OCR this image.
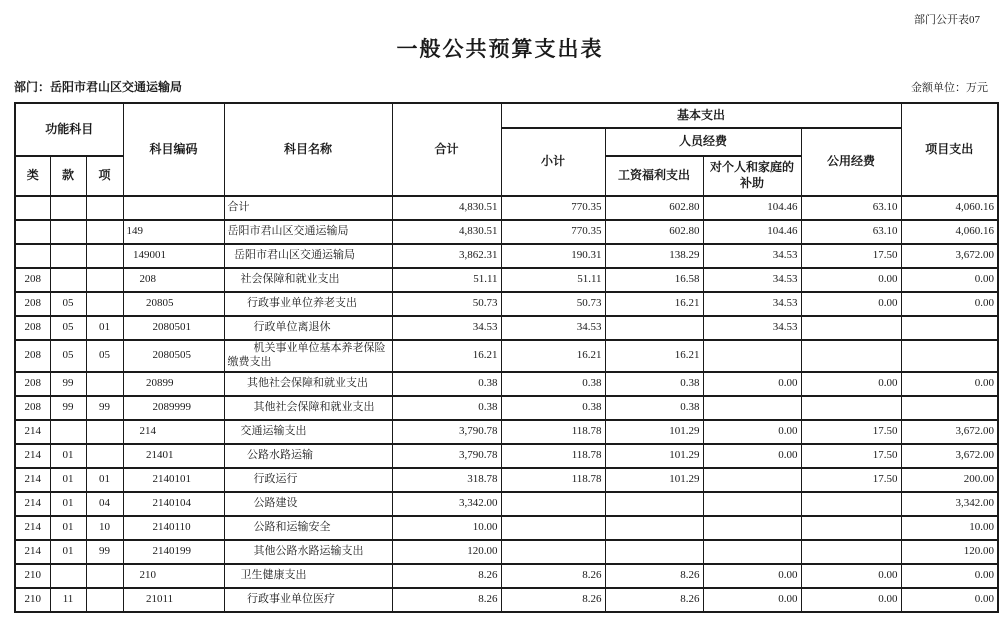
部门公开表07
一般公共预算支出表
部门：岳阳市君山区交通运输局	金额单位：万元
功能科目			科目编码	科目名称	合计	基本支出				项目支出
						小计	人员经费		公用经费	
类	款	项					工资福利支出	对个人和家庭的补助		
				合计	4,830.51	770.35	602.80	104.46	63.10	4,060.16
			149	岳阳市君山区交通运输局	4,830.51	770.35	602.80	104.46	63.10	4,060.16
			149001	岳阳市君山区交通运输局	3,862.31	190.31	138.29	34.53	17.50	3,672.00
208			208	社会保障和就业支出	51.11	51.11	16.58	34.53	0.00	0.00
208	05		20805	行政事业单位养老支出	50.73	50.73	16.21	34.53	0.00	0.00
208	05	01	2080501	行政单位离退休	34.53	34.53		34.53		
208	05	05	2080505	机关事业单位基本养老保险缴费支出	16.21	16.21	16.21			
208	99		20899	其他社会保障和就业支出	0.38	0.38	0.38	0.00	0.00	0.00
208	99	99	2089999	其他社会保障和就业支出	0.38	0.38	0.38			
214			214	交通运输支出	3,790.78	118.78	101.29	0.00	17.50	3,672.00
214	01		21401	公路水路运输	3,790.78	118.78	101.29	0.00	17.50	3,672.00
214	01	01	2140101	行政运行	318.78	118.78	101.29		17.50	200.00
214	01	04	2140104	公路建设	3,342.00					3,342.00
214	01	10	2140110	公路和运输安全	10.00					10.00
214	01	99	2140199	其他公路水路运输支出	120.00					120.00
210			210	卫生健康支出	8.26	8.26	8.26	0.00	0.00	0.00
210	11		21011	行政事业单位医疗	8.26	8.26	8.26	0.00	0.00	0.00
